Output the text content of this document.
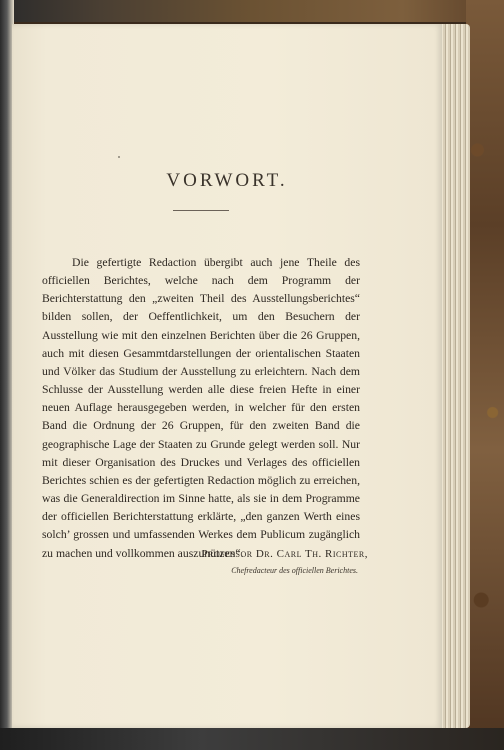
VORWORT.

Die gefertigte Redaction übergibt auch jene Theile des officiellen Berichtes, welche nach dem Programm der Berichterstattung den „zweiten Theil des Ausstellungsberichtes“ bilden sollen, der Oeffentlichkeit, um den Besuchern der Ausstellung wie mit den einzelnen Berichten über die 26 Gruppen, auch mit diesen Gesammtdarstellungen der orientalischen Staaten und Völker das Studium der Ausstellung zu erleichtern. Nach dem Schlusse der Ausstellung werden alle diese freien Hefte in einer neuen Auflage herausgegeben werden, in welcher für den ersten Band die Ordnung der 26 Gruppen, für den zweiten Band die geographische Lage der Staaten zu Grunde gelegt werden soll. Nur mit dieser Organisation des Druckes und Verlages des officiellen Berichtes schien es der gefertigten Redaction möglich zu erreichen, was die Generaldirection im Sinne hatte, als sie in dem Programme der officiellen Berichterstattung erklärte, „den ganzen Werth eines solch’ grossen und umfassenden Werkes dem Publicum zugänglich zu machen und vollkommen auszunützen“.

Professor Dr. Carl Th. Richter,
Chefredacteur des officiellen Berichtes.
